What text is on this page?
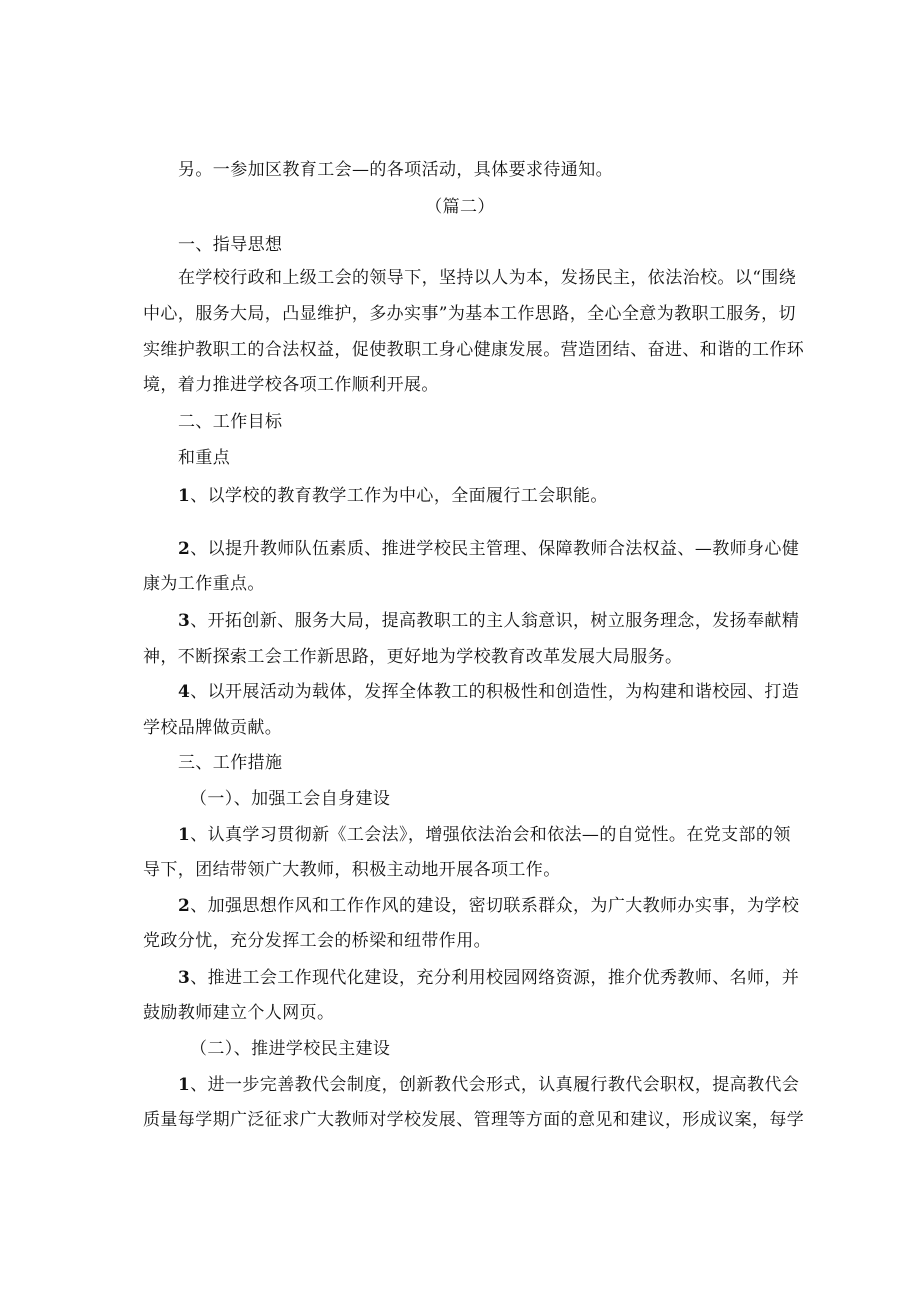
另。一参加区教育工会—的各项活动，具体要求待通知。
（篇二）
一、指导思想
在学校行政和上级工会的领导下，坚持以人为本，发扬民主，依法治校。以“围绕
中心，服务大局，凸显维护，多办实事”为基本工作思路，全心全意为教职工服务，切
实维护教职工的合法权益，促使教职工身心健康发展。营造团结、奋进、和谐的工作环
境，着力推进学校各项工作顺利开展。
二、工作目标
和重点
1、以学校的教育教学工作为中心，全面履行工会职能。
2、以提升教师队伍素质、推进学校民主管理、保障教师合法权益、—教师身心健
康为工作重点。
3、开拓创新、服务大局，提高教职工的主人翁意识，树立服务理念，发扬奉献精
神，不断探索工会工作新思路，更好地为学校教育改革发展大局服务。
4、以开展活动为载体，发挥全体教工的积极性和创造性，为构建和谐校园、打造
学校品牌做贡献。
三、工作措施
（一）、加强工会自身建设
1、认真学习贯彻新《工会法》，增强依法治会和依法—的自觉性。在党支部的领
导下，团结带领广大教师，积极主动地开展各项工作。
2、加强思想作风和工作作风的建设，密切联系群众，为广大教师办实事，为学校
党政分忧，充分发挥工会的桥梁和纽带作用。
3、推进工会工作现代化建设，充分利用校园网络资源，推介优秀教师、名师，并
鼓励教师建立个人网页。
（二）、推进学校民主建设
1、进一步完善教代会制度，创新教代会形式，认真履行教代会职权，提高教代会
质量每学期广泛征求广大教师对学校发展、管理等方面的意见和建议，形成议案，每学
